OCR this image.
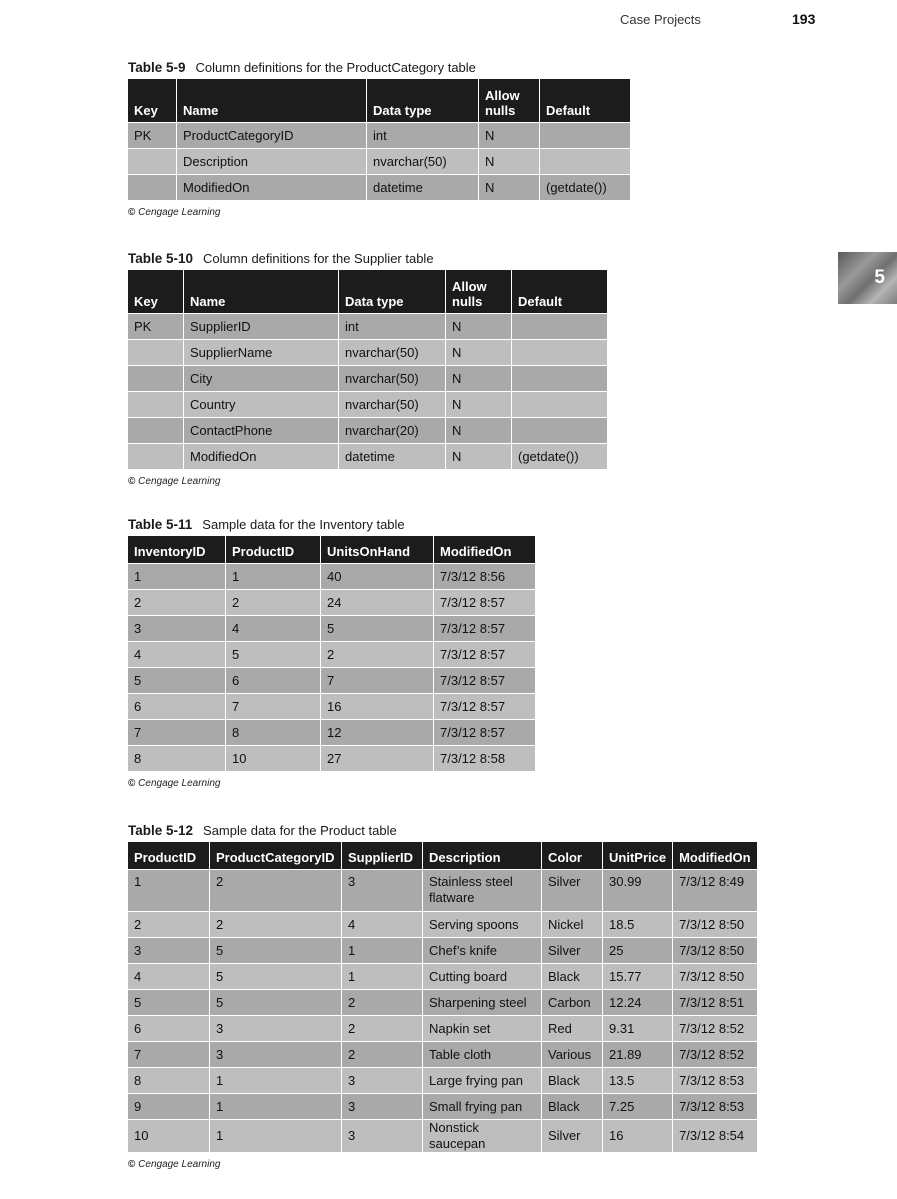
Case Projects	193
5
Table 5-9 Column definitions for the ProductCategory table
Key	Name	Data type	Allow nulls	Default
PK	ProductCategoryID	int	N	
	Description	nvarchar(50)	N	
	ModifiedOn	datetime	N	(getdate())
© Cengage Learning
Table 5-10 Column definitions for the Supplier table
Key	Name	Data type	Allow nulls	Default
PK	SupplierID	int	N	
	SupplierName	nvarchar(50)	N	
	City	nvarchar(50)	N	
	Country	nvarchar(50)	N	
	ContactPhone	nvarchar(20)	N	
	ModifiedOn	datetime	N	(getdate())
© Cengage Learning
Table 5-11 Sample data for the Inventory table
InventoryID	ProductID	UnitsOnHand	ModifiedOn
1	1	40	7/3/12 8:56
2	2	24	7/3/12 8:57
3	4	5	7/3/12 8:57
4	5	2	7/3/12 8:57
5	6	7	7/3/12 8:57
6	7	16	7/3/12 8:57
7	8	12	7/3/12 8:57
8	10	27	7/3/12 8:58
© Cengage Learning
Table 5-12 Sample data for the Product table
ProductID	ProductCategoryID	SupplierID	Description	Color	UnitPrice	ModifiedOn
1	2	3	Stainless steel flatware	Silver	30.99	7/3/12 8:49
2	2	4	Serving spoons	Nickel	18.5	7/3/12 8:50
3	5	1	Chef’s knife	Silver	25	7/3/12 8:50
4	5	1	Cutting board	Black	15.77	7/3/12 8:50
5	5	2	Sharpening steel	Carbon	12.24	7/3/12 8:51
6	3	2	Napkin set	Red	9.31	7/3/12 8:52
7	3	2	Table cloth	Various	21.89	7/3/12 8:52
8	1	3	Large frying pan	Black	13.5	7/3/12 8:53
9	1	3	Small frying pan	Black	7.25	7/3/12 8:53
10	1	3	Nonstick saucepan	Silver	16	7/3/12 8:54
© Cengage Learning
